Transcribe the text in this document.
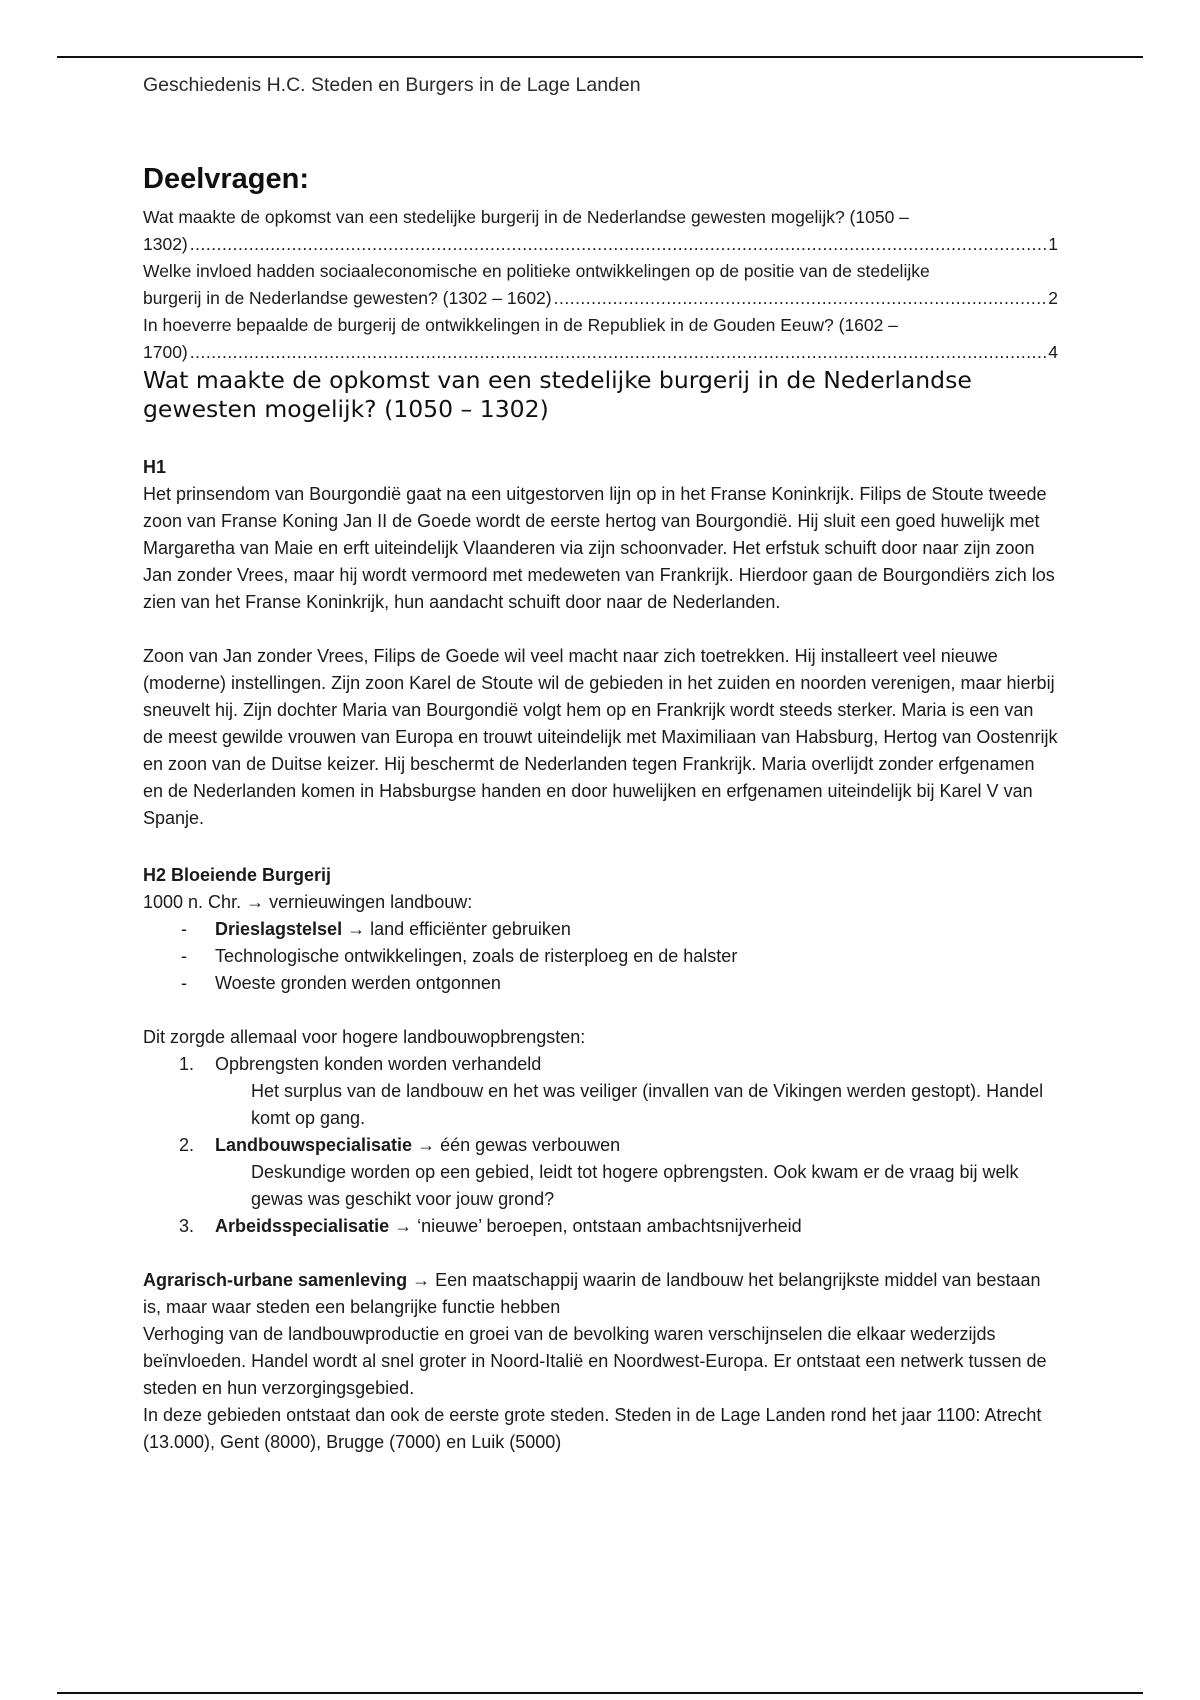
Geschiedenis H.C. Steden en Burgers in de Lage Landen
Deelvragen:
Wat maakte de opkomst van een stedelijke burgerij in de Nederlandse gewesten mogelijk? (1050 –
1302) .....	1
Welke invloed hadden sociaaleconomische en politieke ontwikkelingen op de positie van de stedelijke
burgerij in de Nederlandse gewesten? (1302 – 1602) .....	2
In hoeverre bepaalde de burgerij de ontwikkelingen in de Republiek in de Gouden Eeuw? (1602 –
1700) .....	4
Wat maakte de opkomst van een stedelijke burgerij in de Nederlandse gewesten mogelijk? (1050 – 1302)
H1

Het prinsendom van Bourgondië gaat na een uitgestorven lijn op in het Franse Koninkrijk. Filips de Stoute tweede zoon van Franse Koning Jan II de Goede wordt de eerste hertog van Bourgondië. Hij sluit een goed huwelijk met Margaretha van Maie en erft uiteindelijk Vlaanderen via zijn schoonvader. Het erfstuk schuift door naar zijn zoon Jan zonder Vrees, maar hij wordt vermoord met medeweten van Frankrijk. Hierdoor gaan de Bourgondiërs zich los zien van het Franse Koninkrijk, hun aandacht schuift door naar de Nederlanden.

Zoon van Jan zonder Vrees, Filips de Goede wil veel macht naar zich toetrekken. Hij installeert veel nieuwe (moderne) instellingen. Zijn zoon Karel de Stoute wil de gebieden in het zuiden en noorden verenigen, maar hierbij sneuvelt hij. Zijn dochter Maria van Bourgondië volgt hem op en Frankrijk wordt steeds sterker. Maria is een van de meest gewilde vrouwen van Europa en trouwt uiteindelijk met Maximiliaan van Habsburg, Hertog van Oostenrijk en zoon van de Duitse keizer. Hij beschermt de Nederlanden tegen Frankrijk. Maria overlijdt zonder erfgenamen en de Nederlanden komen in Habsburgse handen en door huwelijken en erfgenamen uiteindelijk bij Karel V van Spanje.

H2 Bloeiende Burgerij

1000 n. Chr. → vernieuwingen landbouw:

- Drieslagstelsel → land efficiënter gebruiken
- Technologische ontwikkelingen, zoals de risterploeg en de halster
- Woeste gronden werden ontgonnen

Dit zorgde allemaal voor hogere landbouwopbrengsten:

1. Opbrengsten konden worden verhandeld
Het surplus van de landbouw en het was veiliger (invallen van de Vikingen werden gestopt). Handel komt op gang.
2. Landbouwspecialisatie → één gewas verbouwen
Deskundige worden op een gebied, leidt tot hogere opbrengsten. Ook kwam er de vraag bij welk gewas was geschikt voor jouw grond?
3. Arbeidsspecialisatie → ‘nieuwe’ beroepen, ontstaan ambachtsnijverheid

Agrarisch-urbane samenleving → Een maatschappij waarin de landbouw het belangrijkste middel van bestaan is, maar waar steden een belangrijke functie hebben

Verhoging van de landbouwproductie en groei van de bevolking waren verschijnselen die elkaar wederzijds beïnvloeden. Handel wordt al snel groter in Noord-Italië en Noordwest-Europa. Er ontstaat een netwerk tussen de steden en hun verzorgingsgebied.

In deze gebieden ontstaat dan ook de eerste grote steden. Steden in de Lage Landen rond het jaar 1100: Atrecht (13.000), Gent (8000), Brugge (7000) en Luik (5000)
